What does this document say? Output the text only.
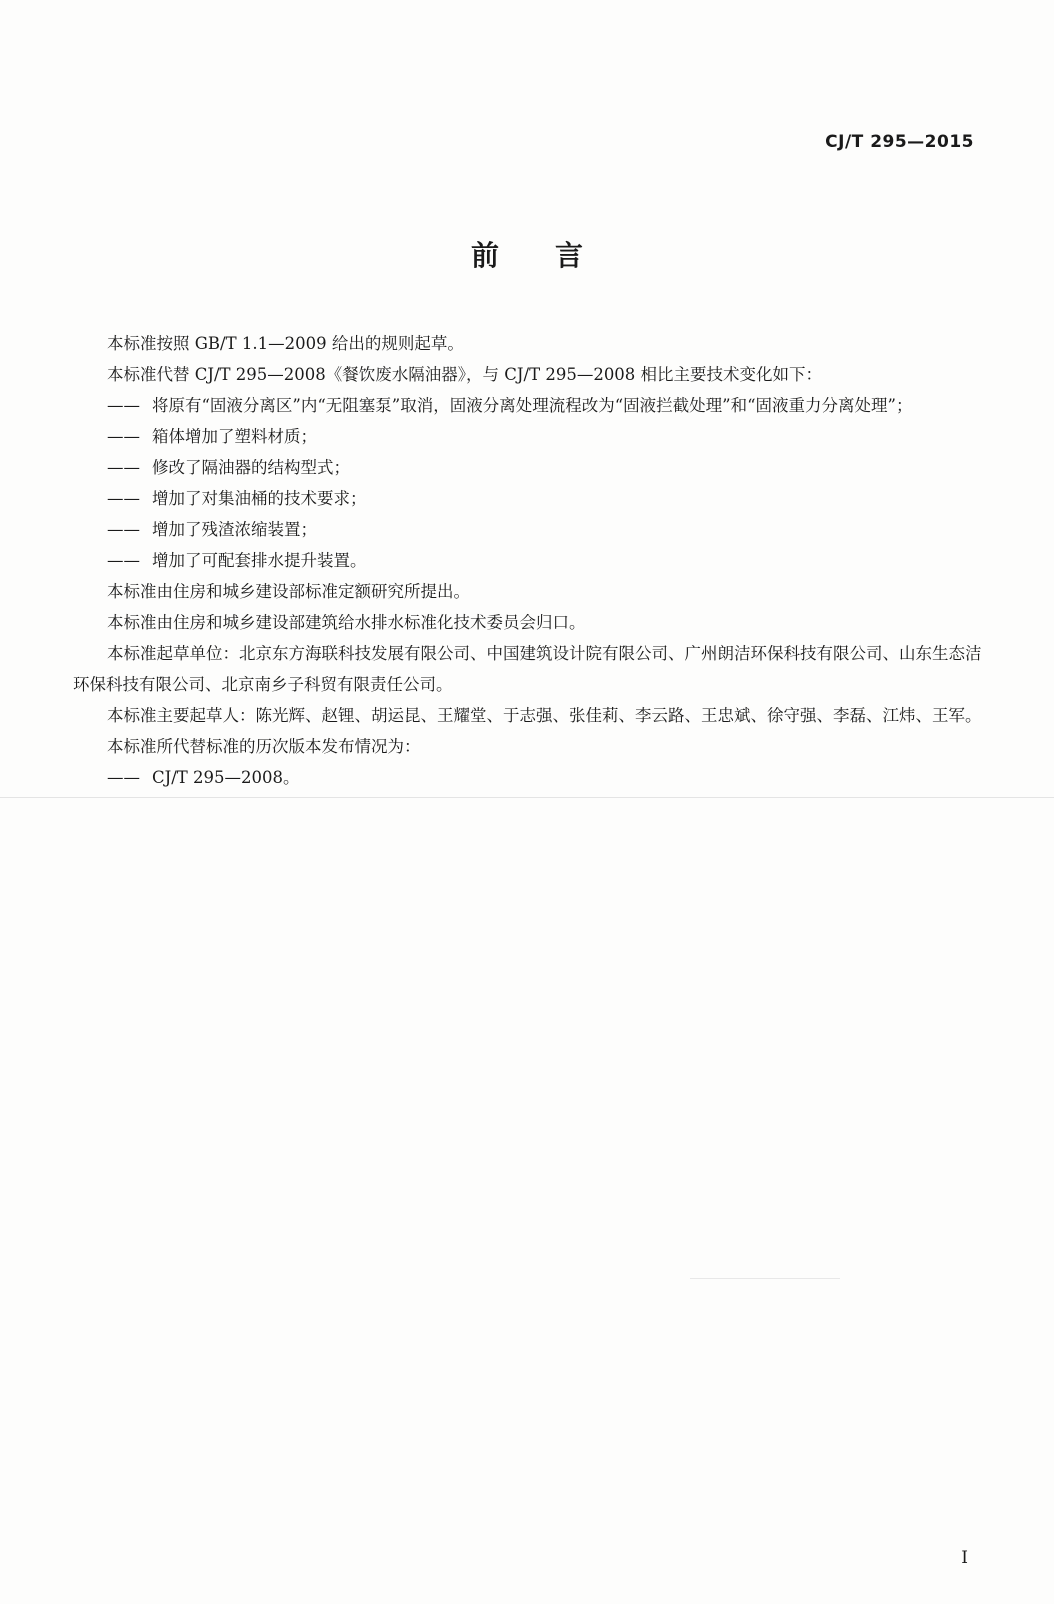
CJ/T 295—2015
前言

本标准按照 GB/T 1.1—2009 给出的规则起草。

本标准代替 CJ/T 295—2008《餐饮废水隔油器》，与 CJ/T 295—2008 相比主要技术变化如下：

—— 将原有“固液分离区”内“无阻塞泵”取消，固液分离处理流程改为“固液拦截处理”和“固液重力分离处理”；

—— 箱体增加了塑料材质；

—— 修改了隔油器的结构型式；

—— 增加了对集油桶的技术要求；

—— 增加了残渣浓缩装置；

—— 增加了可配套排水提升装置。

本标准由住房和城乡建设部标准定额研究所提出。

本标准由住房和城乡建设部建筑给水排水标准化技术委员会归口。

本标准起草单位：北京东方海联科技发展有限公司、中国建筑设计院有限公司、广州朗洁环保科技有限公司、山东生态洁环保科技有限公司、北京南乡子科贸有限责任公司。

本标准主要起草人：陈光辉、赵锂、胡运昆、王耀堂、于志强、张佳莉、李云路、王忠斌、徐守强、李磊、江炜、王军。

本标准所代替标准的历次版本发布情况为：

—— CJ/T 295—2008。

I
